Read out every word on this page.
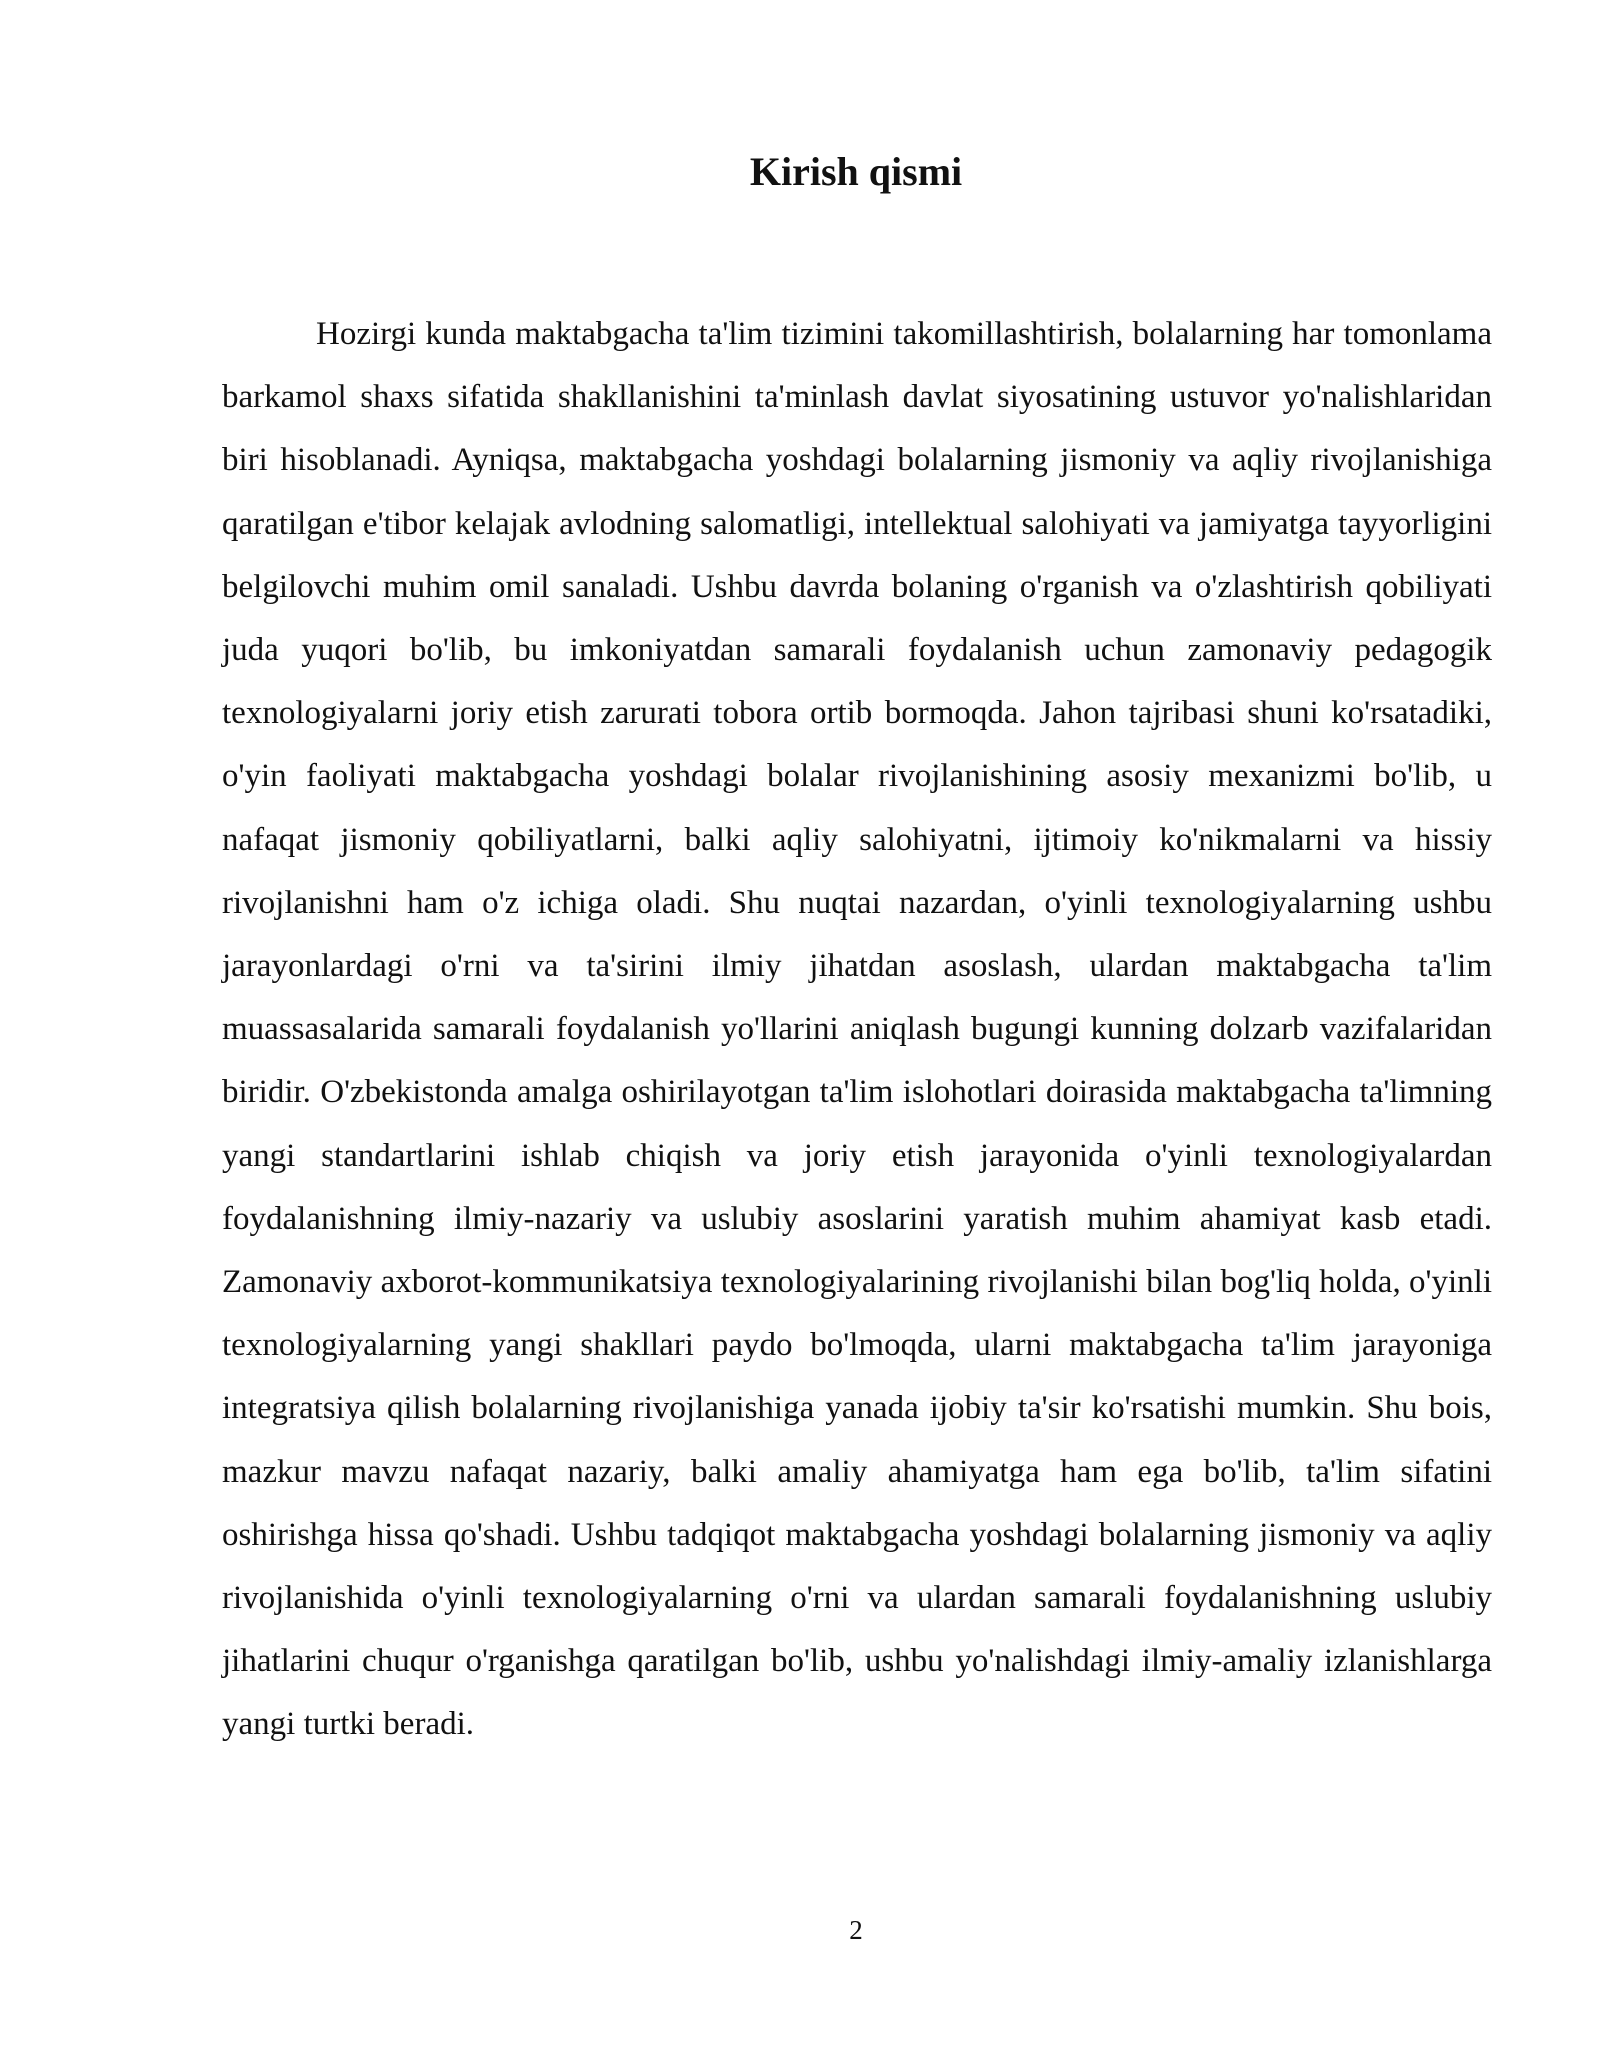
Kirish qismi

Hozirgi kunda maktabgacha ta'lim tizimini takomillashtirish, bolalarning har tomonlama barkamol shaxs sifatida shakllanishini ta'minlash davlat siyosatining ustuvor yo'nalishlaridan biri hisoblanadi. Ayniqsa, maktabgacha yoshdagi bolalarning jismoniy va aqliy rivojlanishiga qaratilgan e'tibor kelajak avlodning salomatligi, intellektual salohiyati va jamiyatga tayyorligini belgilovchi muhim omil sanaladi. Ushbu davrda bolaning o'rganish va o'zlashtirish qobiliyati juda yuqori bo'lib, bu imkoniyatdan samarali foydalanish uchun zamonaviy pedagogik texnologiyalarni joriy etish zarurati tobora ortib bormoqda. Jahon tajribasi shuni ko'rsatadiki, o'yin faoliyati maktabgacha yoshdagi bolalar rivojlanishining asosiy mexanizmi bo'lib, u nafaqat jismoniy qobiliyatlarni, balki aqliy salohiyatni, ijtimoiy ko'nikmalarni va hissiy rivojlanishni ham o'z ichiga oladi. Shu nuqtai nazardan, o'yinli texnologiyalarning ushbu jarayonlardagi o'rni va ta'sirini ilmiy jihatdan asoslash, ulardan maktabgacha ta'lim muassasalarida samarali foydalanish yo'llarini aniqlash bugungi kunning dolzarb vazifalaridan biridir. O'zbekistonda amalga oshirilayotgan ta'lim islohotlari doirasida maktabgacha ta'limning yangi standartlarini ishlab chiqish va joriy etish jarayonida o'yinli texnologiyalardan foydalanishning ilmiy-nazariy va uslubiy asoslarini yaratish muhim ahamiyat kasb etadi. Zamonaviy axborot-kommunikatsiya texnologiyalarining rivojlanishi bilan bog'liq holda, o'yinli texnologiyalarning yangi shakllari paydo bo'lmoqda, ularni maktabgacha ta'lim jarayoniga integratsiya qilish bolalarning rivojlanishiga yanada ijobiy ta'sir ko'rsatishi mumkin. Shu bois, mazkur mavzu nafaqat nazariy, balki amaliy ahamiyatga ham ega bo'lib, ta'lim sifatini oshirishga hissa qo'shadi. Ushbu tadqiqot maktabgacha yoshdagi bolalarning jismoniy va aqliy rivojlanishida o'yinli texnologiyalarning o'rni va ulardan samarali foydalanishning uslubiy jihatlarini chuqur o'rganishga qaratilgan bo'lib, ushbu yo'nalishdagi ilmiy-amaliy izlanishlarga yangi turtki beradi.

2
